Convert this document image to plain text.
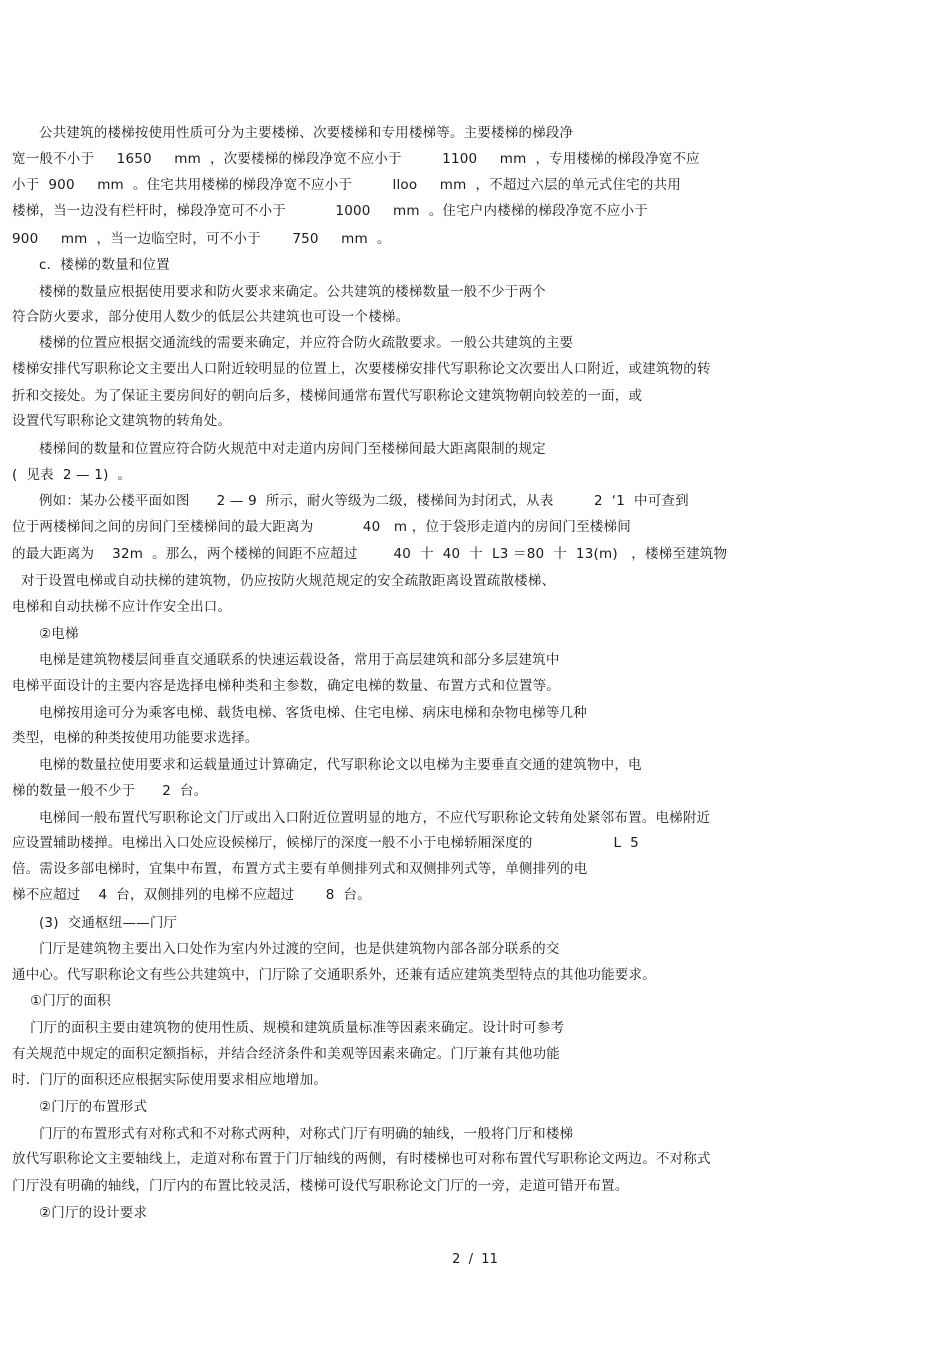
公共建筑的楼梯按使用性质可分为主要楼梯、次要楼梯和专用楼梯等。主要楼梯的梯段净
宽一般不小于     1650     mm  ，次要楼梯的梯段净宽不应小于         1100     mm  ，专用楼梯的梯段净宽不应
小于  900     mm  。住宅共用楼梯的梯段净宽不应小于         lloo     mm  ，不超过六层的单元式住宅的共用
楼梯，当一边没有栏杆时，梯段净宽可不小于           1000     mm  。住宅户内楼梯的梯段净宽不应小于
900     mm  ，当一边临空时，可不小于       750     mm  。
c．楼梯的数量和位置
楼梯的数量应根据使用要求和防火要求来确定。公共建筑的楼梯数量一般不少于两个
符合防火要求，部分使用人数少的低层公共建筑也可设一个楼梯。
楼梯的位置应根据交通流线的需要来确定，并应符合防火疏散要求。一般公共建筑的主要
楼梯安排代写职称论文主要出人口附近较明显的位置上，次要楼梯安排代写职称论文次要出人口附近，或建筑物的转
折和交接处。为了保证主要房间好的朝向后多，楼梯间通常布置代写职称论文建筑物朝向较差的一面，或
设置代写职称论文建筑物的转角处。
楼梯间的数量和位置应符合防火规范中对走道内房间门至楼梯间最大距离限制的规定
(  见表  2 — 1)  。
例如：某办公楼平面如图      2 — 9  所示，耐火等级为二级，楼梯间为封闭式，从表         2  ‘1  中可查到
位于两楼梯间之间的房间门至楼梯间的最大距离为           40   m ，位于袋形走道内的房间门至楼梯间
的最大距离为    32m  。那么，两个楼梯的间距不应超过        40  十  40  十  L3 ＝80  十  13(m)   ，楼梯至建筑物
对于设置电梯或自动扶梯的建筑物，仍应按防火规范规定的安全疏散距离设置疏散楼梯、
电梯和自动扶梯不应计作安全出口。
②电梯
电梯是建筑物楼层间垂直交通联系的快速运载设备，常用于高层建筑和部分多层建筑中
电梯平面设计的主要内容是选择电梯种类和主参数，确定电梯的数量、布置方式和位置等。
电梯按用途可分为乘客电梯、载货电梯、客货电梯、住宅电梯、病床电梯和杂物电梯等几种
类型，电梯的种类按使用功能要求选择。
电梯的数量拉使用要求和运载量通过计算确定，代写职称论文以电梯为主要垂直交通的建筑物中，电
梯的数量一般不少于      2  台。
电梯间一般布置代写职称论文门厅或出入口附近位置明显的地方，不应代写职称论文转角处紧邻布置。电梯附近
应设置辅助楼掸。电梯出入口处应设候梯厅，候梯厅的深度一般不小于电梯轿厢深度的                  L  5
倍。需设多部电梯时，宜集中布置，布置方式主要有单侧排列式和双侧排列式等，单侧排列的电
梯不应超过    4  台，双侧排列的电梯不应超过       8  台。
(3)  交通枢纽——门厅
门厅是建筑物主要出入口处作为室内外过渡的空间，也是供建筑物内部各部分联系的交
通中心。代写职称论文有些公共建筑中，门厅除了交通职系外，还兼有适应建筑类型特点的其他功能要求。
①门厅的面积
门厅的面积主要由建筑物的使用性质、规模和建筑质量标准等因素来确定。设计时可参考
有关规范中规定的面积定额指标，并结合经济条件和美观等因素来确定。门厅兼有其他功能
时．门厅的面积还应根据实际使用要求相应地增加。
②门厅的布置形式
门厅的布置形式有对称式和不对称式两种，对称式门厅有明确的轴线，一般将门厅和楼梯
放代写职称论文主要轴线上，走道对称布置于门厅轴线的两侧，有时楼梯也可对称布置代写职称论文两边。不对称式
门厅没有明确的轴线，门厅内的布置比较灵活，楼梯可设代写职称论文门厅的一旁，走道可错开布置。
②门厅的设计要求
2  /  11
